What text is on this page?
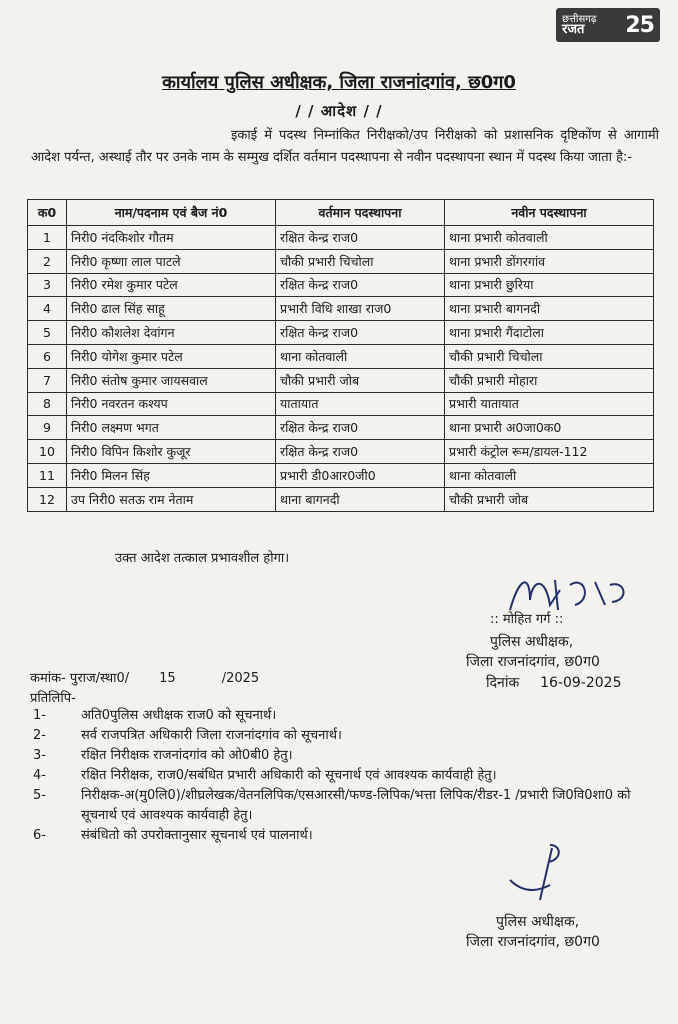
छत्तीसगढ़
रजत	25
कार्यालय पुलिस अधीक्षक, जिला राजनांदगांव, छ0ग0
/ / आदेश / /
इकाई में पदस्थ निम्नांकित निरीक्षको/उप निरीक्षको को प्रशासनिक दृष्टिकोंण से आगामी आदेश पर्यन्त, अस्थाई तौर पर उनके नाम के सम्मुख दर्शित वर्तमान पदस्थापना से नवीन पदस्थापना स्थान में पदस्थ किया जाता है:-
क0	नाम/पदनाम एवं बैज नं0	वर्तमान पदस्थापना	नवीन पदस्थापना
1	निरी0 नंदकिशोर गौतम	रक्षित केन्द्र राज0	थाना प्रभारी कोतवाली
2	निरी0 कृष्णा लाल पाटले	चौकी प्रभारी चिचोला	थाना प्रभारी डोंगरगांव
3	निरी0 रमेश कुमार पटेल	रक्षित केन्द्र राज0	थाना प्रभारी छुरिया
4	निरी0 ढाल सिंह साहू	प्रभारी विधि शाखा राज0	थाना प्रभारी बागनदी
5	निरी0 कौशलेश देवांगन	रक्षित केन्द्र राज0	थाना प्रभारी गैंदाटोला
6	निरी0 योगेश कुमार पटेल	थाना कोतवाली	चौकी प्रभारी चिचोला
7	निरी0 संतोष कुमार जायसवाल	चौकी प्रभारी जोब	चौकी प्रभारी मोहारा
8	निरी0 नवरतन कश्यप	यातायात	प्रभारी यातायात
9	निरी0 लक्ष्मण भगत	रक्षित केन्द्र राज0	थाना प्रभारी अ0जा0क0
10	निरी0 विपिन किशोर कुजूर	रक्षित केन्द्र राज0	प्रभारी कंट्रोल रूम/डायल-112
11	निरी0 मिलन सिंह	प्रभारी डी0आर0जी0	थाना कोतवाली
12	उप निरी0 सतऊ राम नेताम	थाना बागनदी	चौकी प्रभारी जोब
उक्त आदेश तत्काल प्रभावशील होगा।
:: मोहित गर्ग ::
पुलिस अधीक्षक,
जिला राजनांदगांव, छ0ग0
दिनांक 16-09-2025
कमांक- पुराज/स्था0/ 15	/2025
प्रतिलिपि-
1-	अति0पुलिस अधीक्षक राज0 को सूचनार्थ।
2-	सर्व राजपत्रित अधिकारी जिला राजनांदगांव को सूचनार्थ।
3-	रक्षित निरीक्षक राजनांदगांव को ओ0बी0 हेतु।
4-	रक्षित निरीक्षक, राज0/सबंधित प्रभारी अधिकारी को सूचनार्थ एवं आवश्यक कार्यवाही हेतु।
5-	निरीक्षक-अ(मु0लि0)/शीघ्रलेखक/वेतनलिपिक/एसआरसी/फण्ड-लिपिक/भत्ता लिपिक/रीडर-1 /प्रभारी जि0वि0शा0 को सूचनार्थ एवं आवश्यक कार्यवाही हेतु।
6-	संबंधितो को उपरोक्तानुसार सूचनार्थ एवं पालनार्थ।
पुलिस अधीक्षक,
जिला राजनांदगांव, छ0ग0
